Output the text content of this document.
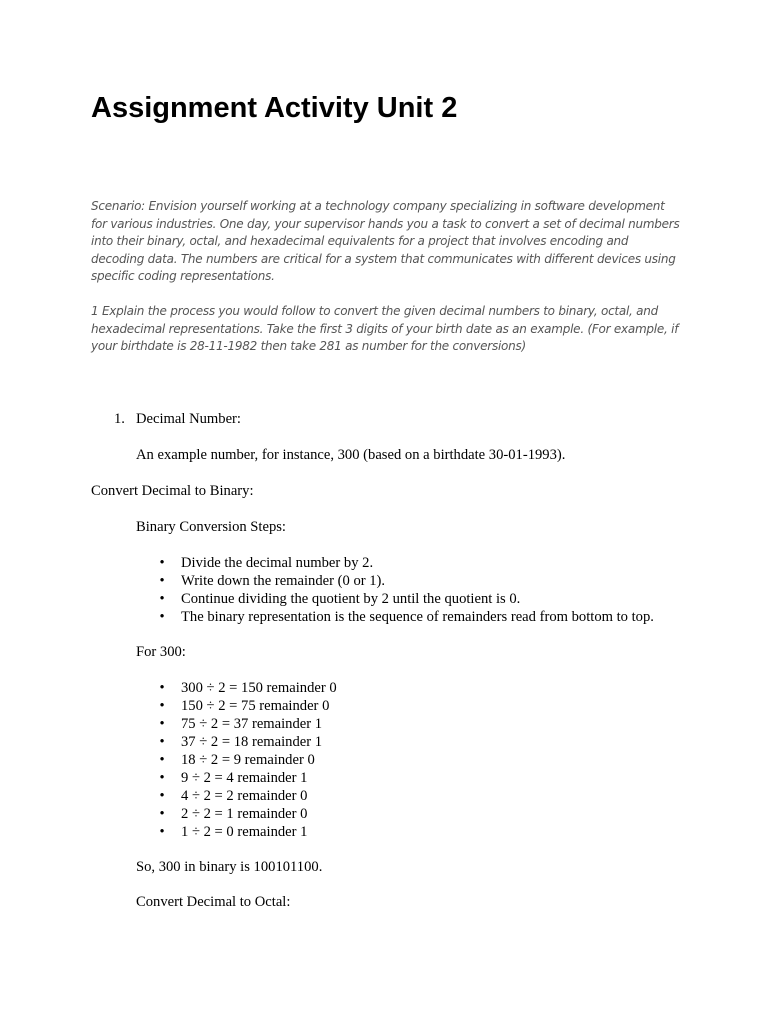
Assignment Activity Unit 2

Scenario: Envision yourself working at a technology company specializing in software development for various industries. One day, your supervisor hands you a task to convert a set of decimal numbers into their binary, octal, and hexadecimal equivalents for a project that involves encoding and decoding data. The numbers are critical for a system that communicates with different devices using specific coding representations.

1 Explain the process you would follow to convert the given decimal numbers to binary, octal, and hexadecimal representations. Take the first 3 digits of your birth date as an example. (For example, if your birthdate is 28-11-1982 then take 281 as number for the conversions)

1. Decimal Number:

An example number, for instance, 300 (based on a birthdate 30-01-1993).

Convert Decimal to Binary:

Binary Conversion Steps:

• Divide the decimal number by 2.
• Write down the remainder (0 or 1).
• Continue dividing the quotient by 2 until the quotient is 0.
• The binary representation is the sequence of remainders read from bottom to top.

For 300:

• 300 ÷ 2 = 150 remainder 0
• 150 ÷ 2 = 75 remainder 0
• 75 ÷ 2 = 37 remainder 1
• 37 ÷ 2 = 18 remainder 1
• 18 ÷ 2 = 9 remainder 0
• 9 ÷ 2 = 4 remainder 1
• 4 ÷ 2 = 2 remainder 0
• 2 ÷ 2 = 1 remainder 0
• 1 ÷ 2 = 0 remainder 1

So, 300 in binary is 100101100.

Convert Decimal to Octal:
